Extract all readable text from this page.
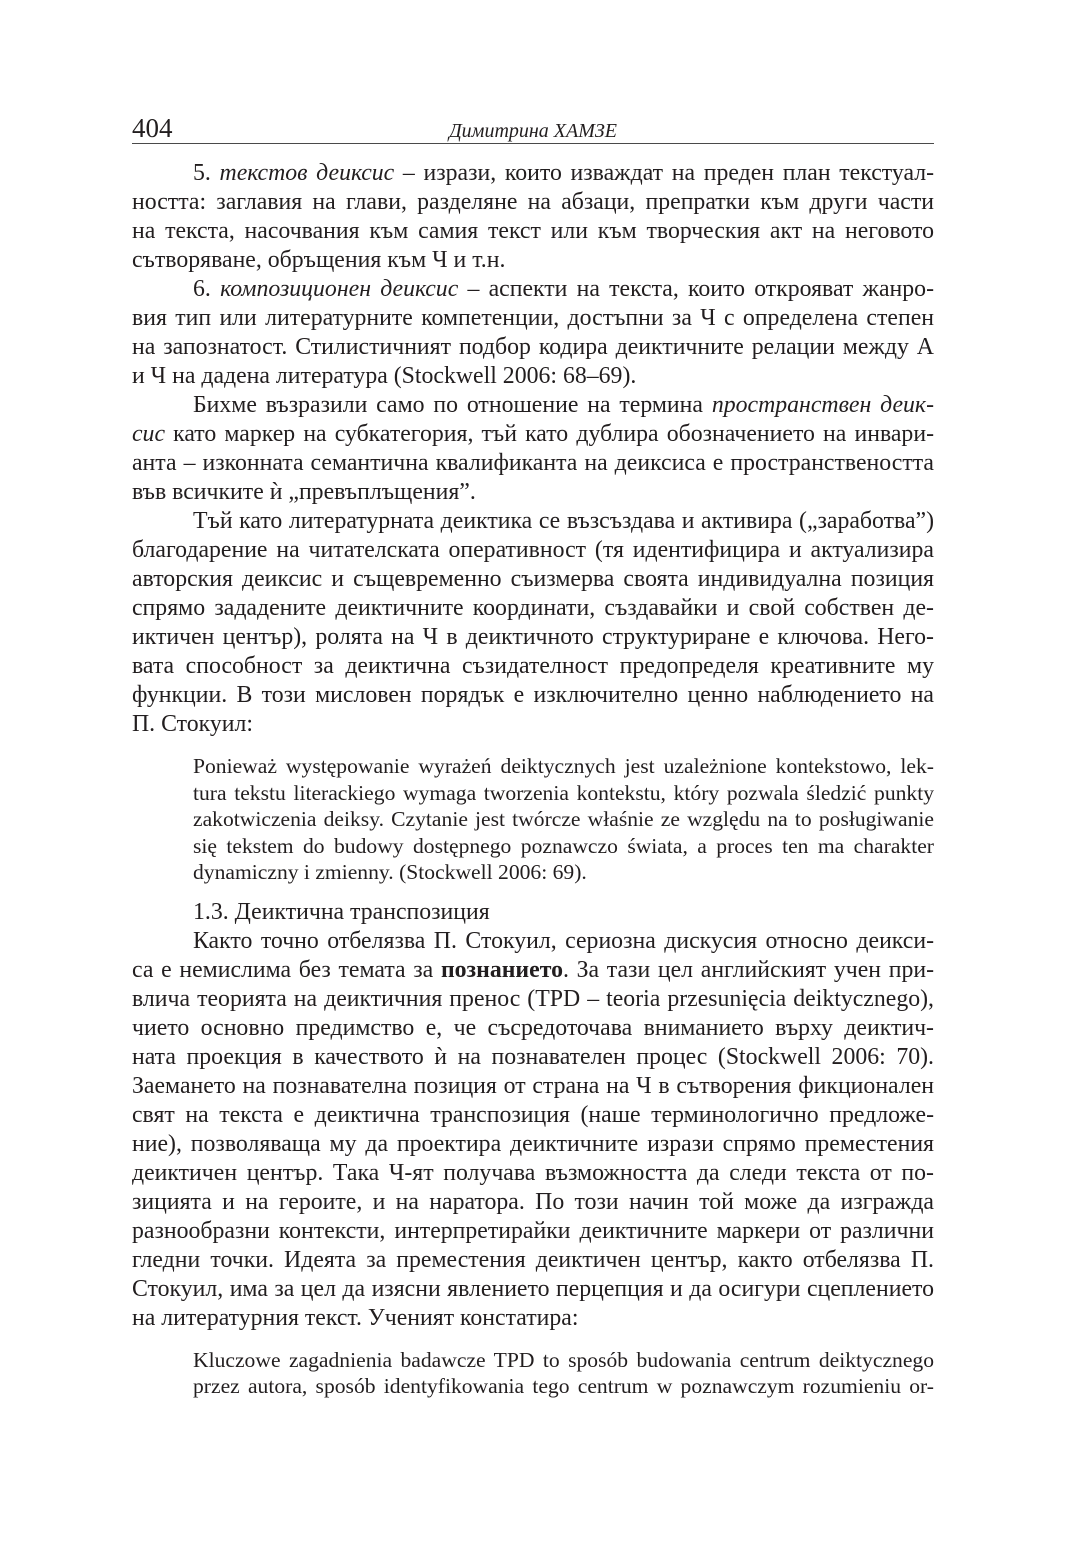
404	Димитрина ХАМЗЕ
5. текстов деиксис – изрази, които изваждат на преден план текстуал-
ността: заглавия на глави, разделяне на абзаци, препратки към други части
на текста, насочвания към самия текст или към творческия акт на неговото
сътворяване, обръщения към Ч и т.н.
6. композиционен деиксис – аспекти на текста, които открояват жанро-
вия тип или литературните компетенции, достъпни за Ч с определена степен
на запознатост. Стилистичният подбор кодира деиктичните релации между А
и Ч на дадена литература (Stockwell 2006: 68–69).
Бихме възразили само по отношение на термина пространствен деик-
сис като маркер на субкатегория, тъй като дублира обозначението на инвари-
анта – изконната семантична квалификанта на деиксиса е пространствеността
във всичките ѝ „превъплъщения”.
Тъй като литературната деиктика се възсъздава и активира („заработва”)
благодарение на читателската оперативност (тя идентифицира и актуализира
авторския деиксис и същевременно съизмерва своята индивидуална позиция
спрямо зададените деиктичните координати, създавайки и свой собствен де-
иктичен център), ролята на Ч в деиктичното структуриране е ключова. Него-
вата способност за деиктична съзидателност предопределя креативните му
функции. В този мисловен порядък е изключително ценно наблюдението на
П. Стокуил:
Ponieważ występowanie wyrażeń deiktycznych jest uzależnione kontekstowo, lek-
tura tekstu literackiego wymaga tworzenia kontekstu, który pozwala śledzić punkty
zakotwiczenia deiksy. Czytanie jest twórcze właśnie ze względu na to posługiwanie
się tekstem do budowy dostępnego poznawczo świata, a proces ten ma charakter
dynamiczny i zmienny. (Stockwell 2006: 69).
1.3. Деиктична транспозиция
Както точно отбелязва П. Стокуил, сериозна дискусия относно деикси-
са е немислима без темата за познанието. За тази цел английският учен при-
влича теорията на деиктичния пренос (TPD – teoria przesunięcia deiktycznego),
чието основно предимство е, че съсредоточава вниманието върху деиктич-
ната проекция в качеството ѝ на познавателен процес (Stockwell 2006: 70).
Заемането на познавателна позиция от страна на Ч в сътворения фикционален
свят на текста е деиктична транспозиция (наше терминологично предложе-
ние), позволяваща му да проектира деиктичните изрази спрямо преместения
деиктичен център. Така Ч-ят получава възможността да следи текста от по-
зицията и на героите, и на наратора. По този начин той може да изгражда
разнообразни контексти, интерпретирайки деиктичните маркери от различни
гледни точки. Идеята за преместения деиктичен център, както отбелязва П.
Стокуил, има за цел да изясни явлението перцепция и да осигури сцеплението
на литературния текст. Ученият констатира:
Kluczowe zagadnienia badawcze TPD to sposób budowania centrum deiktycznego
przez autora, sposób identyfikowania tego centrum w poznawczym rozumieniu or-
